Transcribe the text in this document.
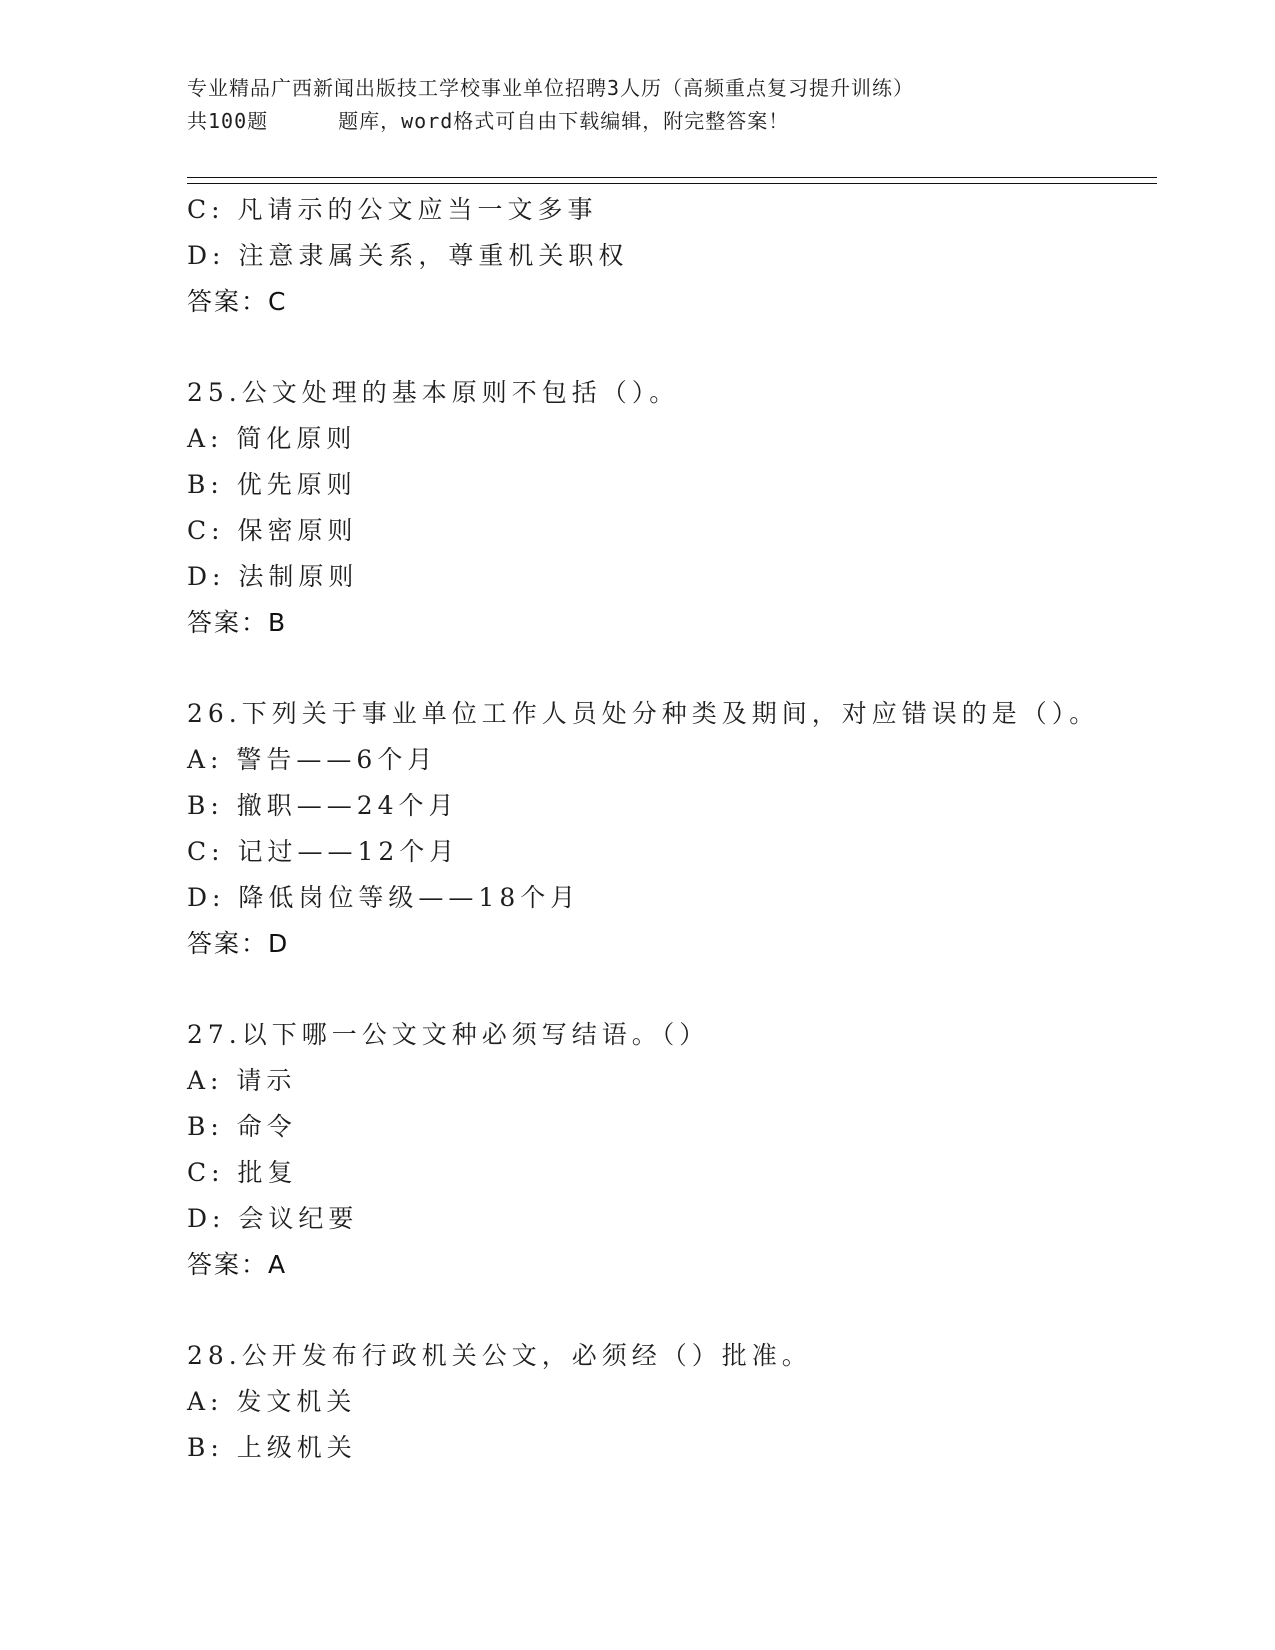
专业精品广西新闻出版技工学校事业单位招聘3人历（高频重点复习提升训练）
共100题	题库，word格式可自由下载编辑，附完整答案！
C: 凡请示的公文应当一文多事
D: 注意隶属关系，尊重机关职权
答案：C
25.公文处理的基本原则不包括（）。
A: 简化原则
B: 优先原则
C: 保密原则
D: 法制原则
答案：B
26.下列关于事业单位工作人员处分种类及期间，对应错误的是（）。
A: 警告——6个月
B: 撤职——24个月
C: 记过——12个月
D: 降低岗位等级——18个月
答案：D
27.以下哪一公文文种必须写结语。（）
A: 请示
B: 命令
C: 批复
D: 会议纪要
答案：A
28.公开发布行政机关公文，必须经（）批准。
A: 发文机关
B: 上级机关
